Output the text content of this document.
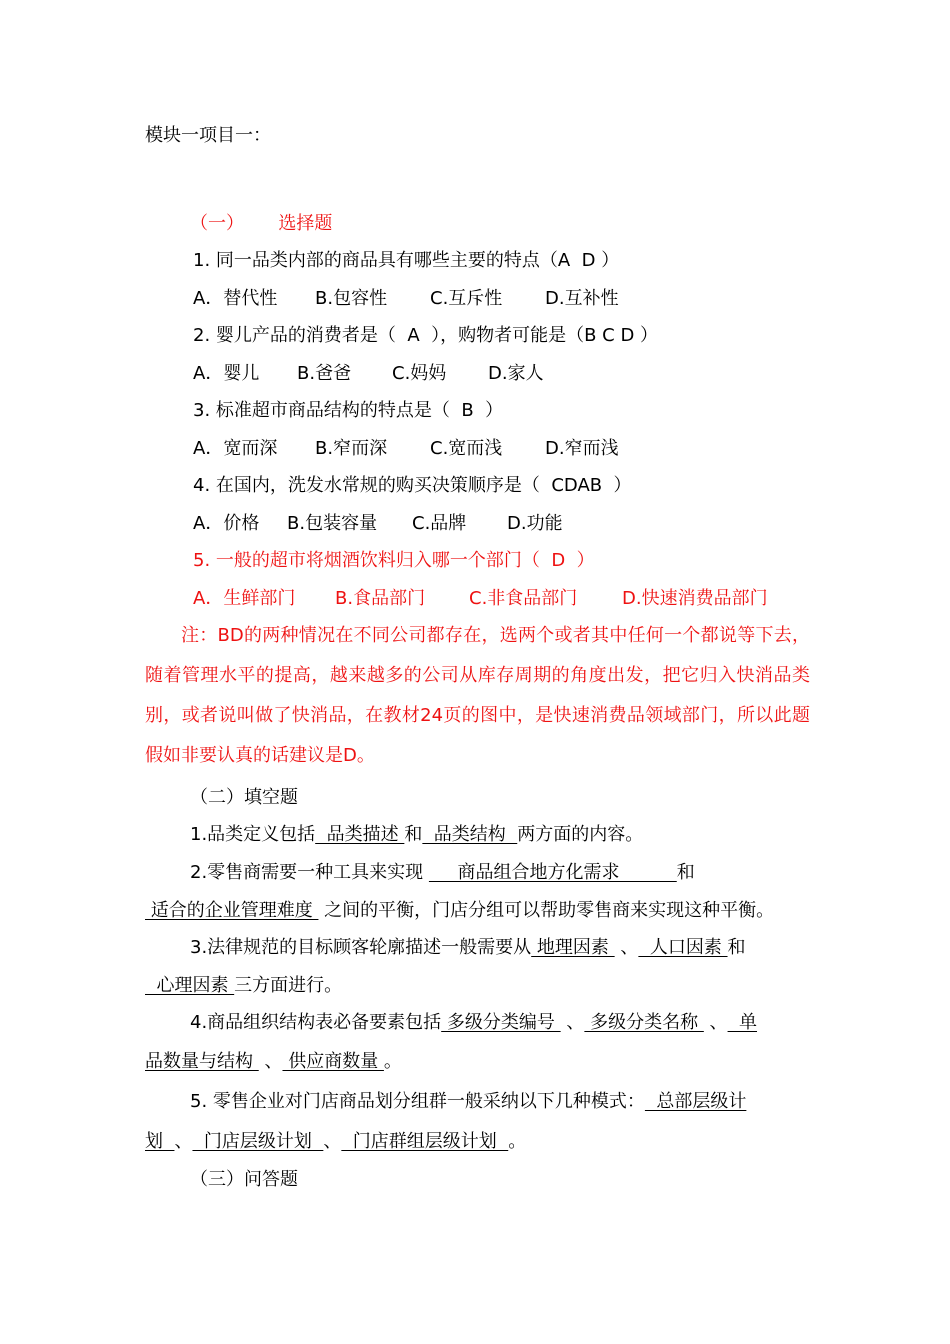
模块一项目一：
（一）      选择题
1. 同一品类内部的商品具有哪些主要的特点（A  D ）
A．替代性 B.包容性 C.互斥性 D.互补性
2. 婴儿产品的消费者是（  A  ），购物者可能是（B C D ）
A．婴儿 B.爸爸 C.妈妈 D.家人
3. 标准超市商品结构的特点是（  B  ）
A．宽而深 B.窄而深 C.宽而浅 D.窄而浅
4. 在国内，洗发水常规的购买决策顺序是（  CDAB  ）
A．价格 B.包装容量 C.品牌 D.功能
5. 一般的超市将烟酒饮料归入哪一个部门（  D  ）
A．生鲜部门 B.食品部门 C.非食品部门 D.快速消费品部门
注：BD的两种情况在不同公司都存在，选两个或者其中任何一个都说等下去，随着管理水平的提高，越来越多的公司从库存周期的角度出发，把它归入快消品类别，或者说叫做了快消品，在教材24页的图中，是快速消费品领域部门，所以此题假如非要认真的话建议是D。
（二）填空题
1.品类定义包括  品类描述 和  品类结构  两方面的内容。
2.零售商需要一种工具来实现      商品组合地方化需求          和
适合的企业管理难度  之间的平衡，门店分组可以帮助零售商来实现这种平衡。
3.法律规范的目标顾客轮廓描述一般需要从 地理因素  、  人口因素 和
心理因素 三方面进行。
4.商品组织结构表必备要素包括 多级分类编号  、 多级分类名称  、  单
品数量与结构  、 供应商数量 。
5. 零售企业对门店商品划分组群一般采纳以下几种模式：  总部层级计
划  、  门店层级计划  、  门店群组层级计划  。
（三）问答题
